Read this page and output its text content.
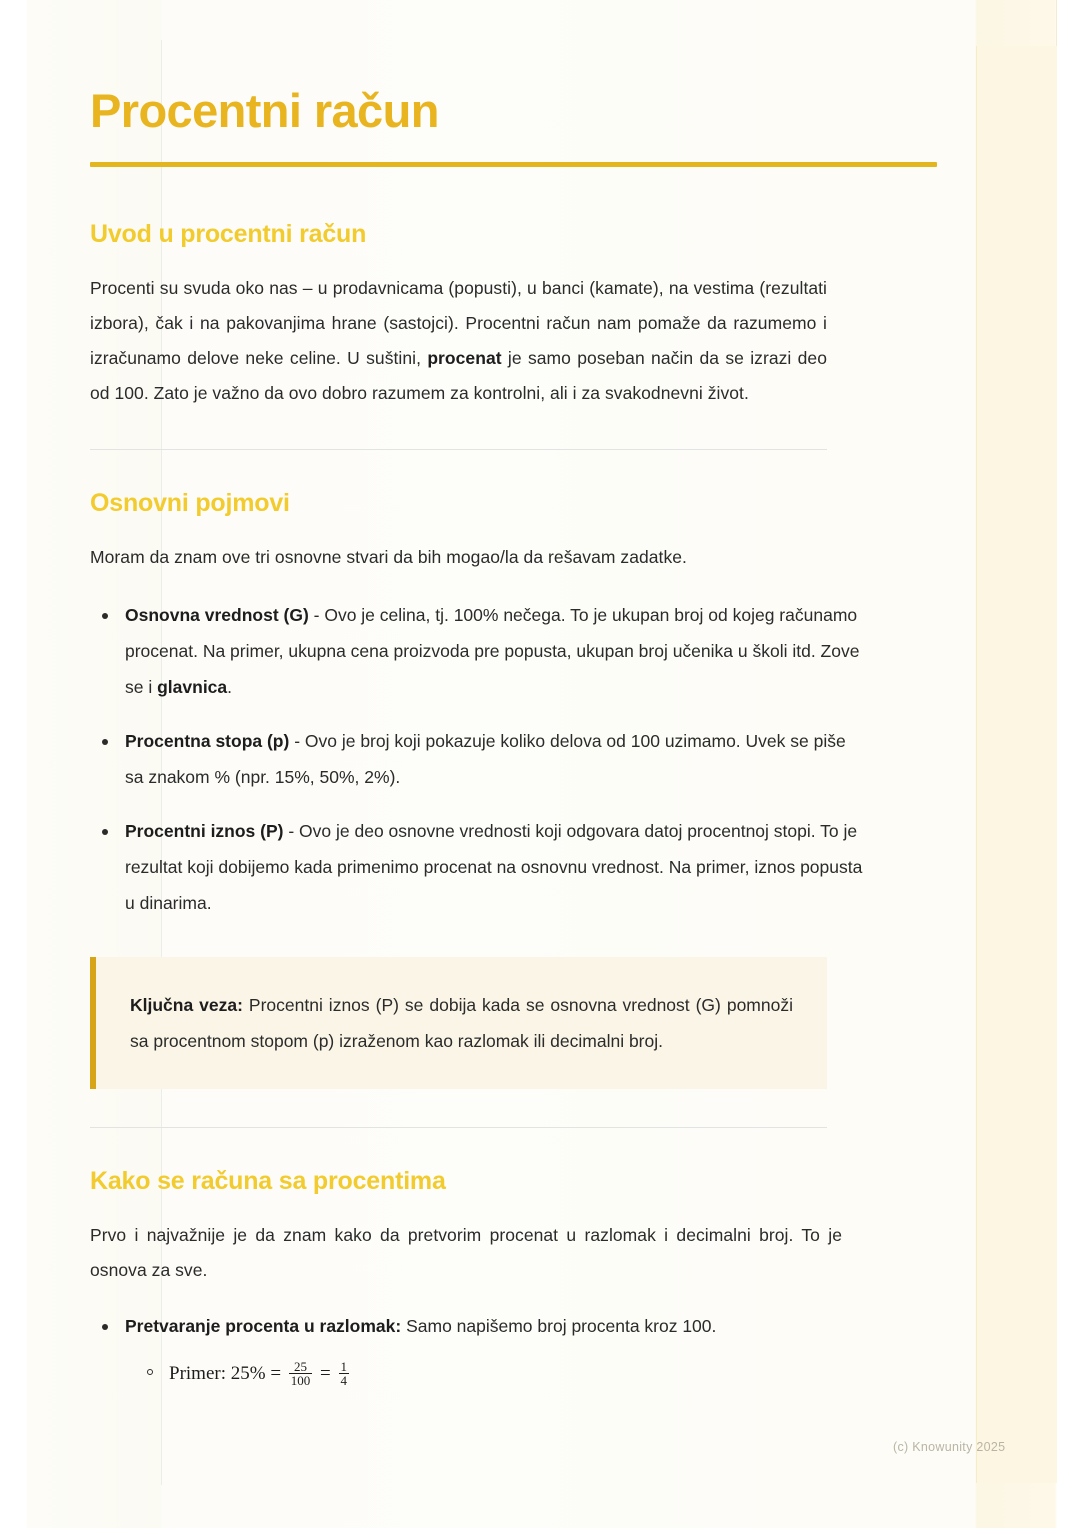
Procentni račun
Uvod u procentni račun

Procenti su svuda oko nas – u prodavnicama (popusti), u banci (kamate), na vestima (rezultati izbora), čak i na pakovanjima hrane (sastojci). Procentni račun nam pomaže da razumemo i izračunamo delove neke celine. U suštini, procenat je samo poseban način da se izrazi deo od 100. Zato je važno da ovo dobro razumem za kontrolni, ali i za svakodnevni život.

Osnovni pojmovi

Moram da znam ove tri osnovne stvari da bih mogao/la da rešavam zadatke.

Osnovna vrednost (G) - Ovo je celina, tj. 100% nečega. To je ukupan broj od kojeg računamo procenat. Na primer, ukupna cena proizvoda pre popusta, ukupan broj učenika u školi itd. Zove se i glavnica.
Procentna stopa (p) - Ovo je broj koji pokazuje koliko delova od 100 uzimamo. Uvek se piše sa znakom % (npr. 15%, 50%, 2%).
Procentni iznos (P) - Ovo je deo osnovne vrednosti koji odgovara datoj procentnoj stopi. To je rezultat koji dobijemo kada primenimo procenat na osnovnu vrednost. Na primer, iznos popusta u dinarima.

Ključna veza: Procentni iznos (P) se dobija kada se osnovna vrednost (G) pomnoži sa procentnom stopom (p) izraženom kao razlomak ili decimalni broj.

Kako se računa sa procentima

Prvo i najvažnije je da znam kako da pretvorim procenat u razlomak i decimalni broj. To je osnova za sve.

Pretvaranje procenta u razlomak: Samo napišemo broj procenta kroz 100.
Primer: $25\% = \frac{25}{100} = \frac{1}{4}$
(c) Knowunity 2025
